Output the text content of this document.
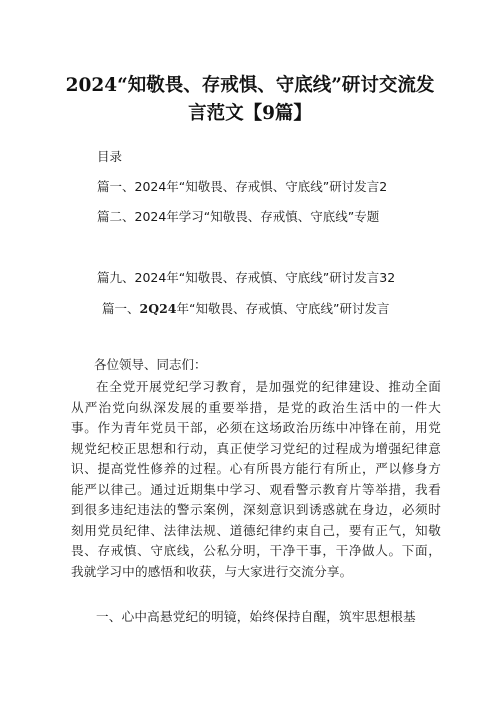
2024“知敬畏、存戒惧、守底线”研讨交流发言范文【9篇】
目录
篇一、2024年“知敬畏、存戒惧、守底线”研讨发言2
篇二、2024年学习“知敬畏、存戒慎、守底线”专题
篇九、2024年“知敬畏、存戒慎、守底线”研讨发言32
篇一、2Q24年“知敬畏、存戒慎、守底线”研讨发言
各位领导、同志们：
在全党开展党纪学习教育，是加强党的纪律建设、推动全面从严治党向纵深发展的重要举措，是党的政治生活中的一件大事。作为青年党员干部，必须在这场政治历练中冲锋在前，用党规党纪校正思想和行动，真正使学习党纪的过程成为增强纪律意识、提高党性修养的过程。心有所畏方能行有所止，严以修身方能严以律己。通过近期集中学习、观看警示教育片等举措，我看到很多违纪违法的警示案例，深刻意识到诱惑就在身边，必须时刻用党员纪律、法律法规、道德纪律约束自己，要有正气，知敬畏、存戒慎、守底线，公私分明，干净干事，干净做人。下面，我就学习中的感悟和收获，与大家进行交流分享。
一、心中高悬党纪的明镜，始终保持自醒，筑牢思想根基
